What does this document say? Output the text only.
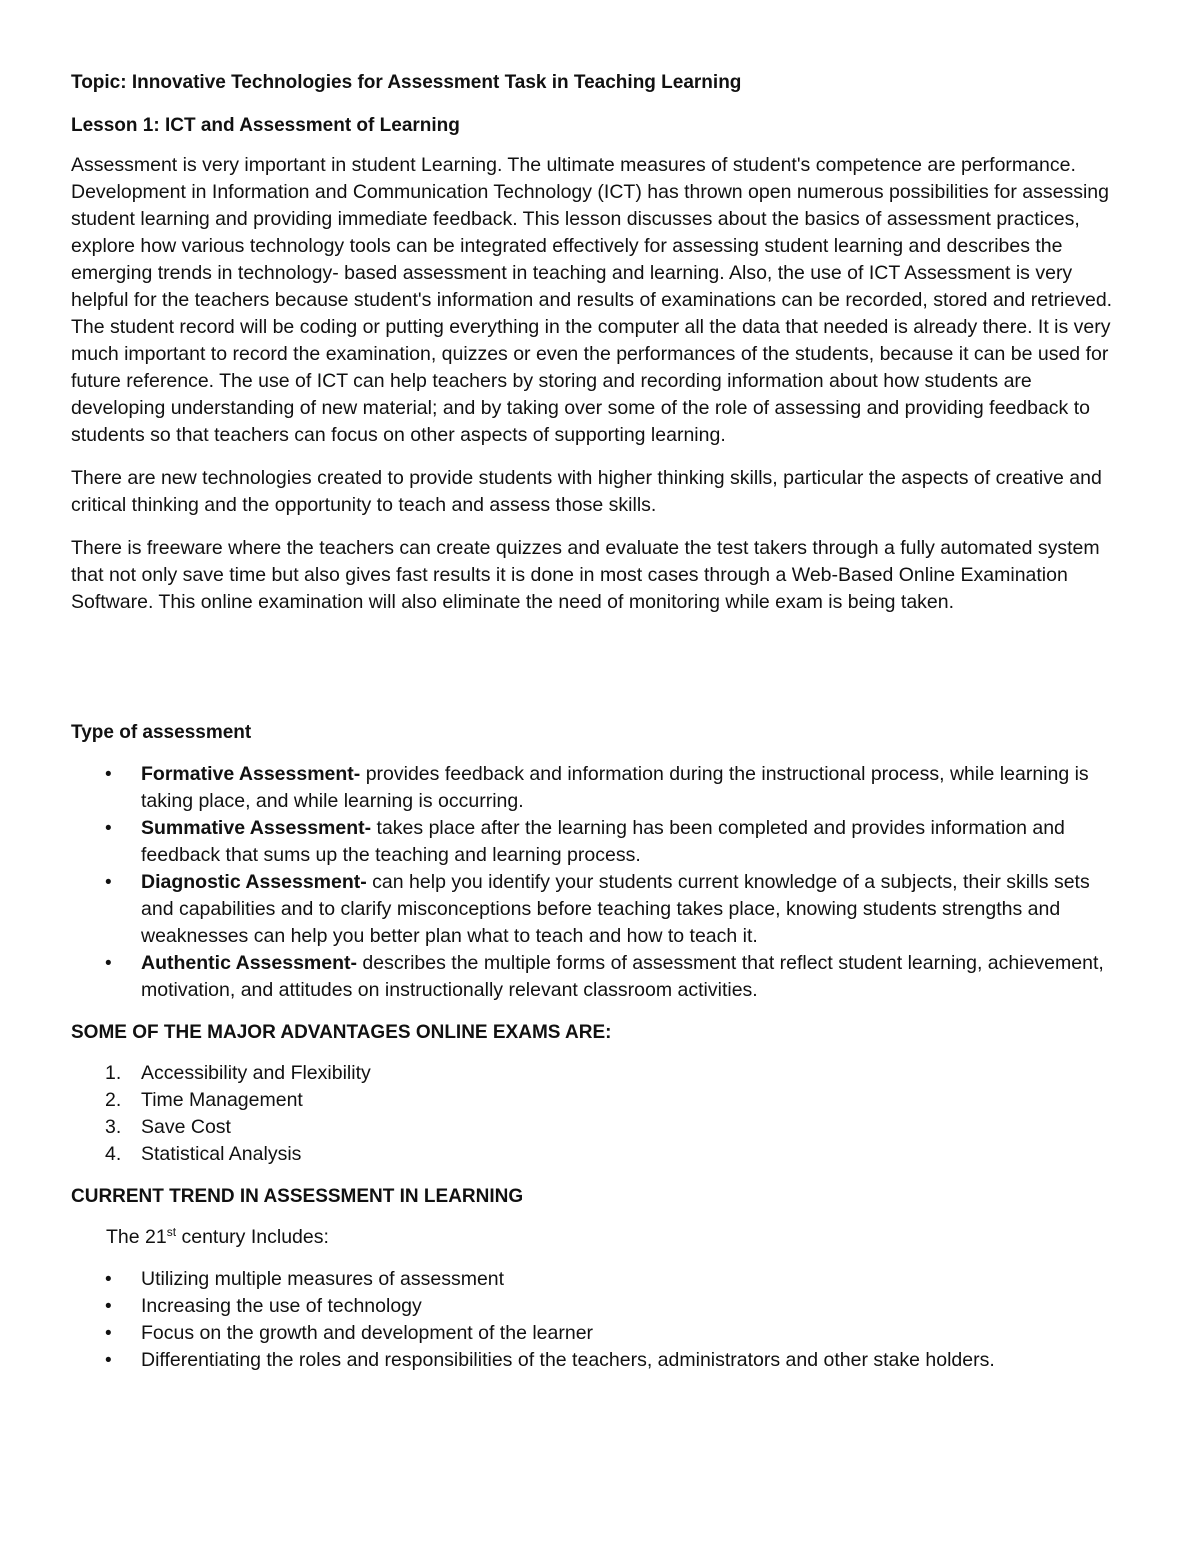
Topic: Innovative Technologies for Assessment Task in Teaching Learning

Lesson 1: ICT and Assessment of Learning

Assessment is very important in student Learning. The ultimate measures of student's competence are performance. Development in Information and Communication Technology (ICT) has thrown open numerous possibilities for assessing student learning and providing immediate feedback. This lesson discusses about the basics of assessment practices, explore how various technology tools can be integrated effectively for assessing student learning and describes the emerging trends in technology- based assessment in teaching and learning. Also, the use of ICT Assessment is very helpful for the teachers because student's information and results of examinations can be recorded, stored and retrieved. The student record will be coding or putting everything in the computer all the data that needed is already there. It is very much important to record the examination, quizzes or even the performances of the students, because it can be used for future reference. The use of ICT can help teachers by storing and recording information about how students are developing understanding of new material; and by taking over some of the role of assessing and providing feedback to students so that teachers can focus on other aspects of supporting learning.

There are new technologies created to provide students with higher thinking skills, particular the aspects of creative and critical thinking and the opportunity to teach and assess those skills.

There is freeware where the teachers can create quizzes and evaluate the test takers through a fully automated system that not only save time but also gives fast results it is done in most cases through a Web-Based Online Examination Software. This online examination will also eliminate the need of monitoring while exam is being taken.

Type of assessment

• Formative Assessment- provides feedback and information during the instructional process, while learning is taking place, and while learning is occurring.
• Summative Assessment- takes place after the learning has been completed and provides information and feedback that sums up the teaching and learning process.
• Diagnostic Assessment- can help you identify your students current knowledge of a subjects, their skills sets and capabilities and to clarify misconceptions before teaching takes place, knowing students strengths and weaknesses can help you better plan what to teach and how to teach it.
• Authentic Assessment- describes the multiple forms of assessment that reflect student learning, achievement, motivation, and attitudes on instructionally relevant classroom activities.

SOME OF THE MAJOR ADVANTAGES ONLINE EXAMS ARE:

1. Accessibility and Flexibility
2. Time Management
3. Save Cost
4. Statistical Analysis

CURRENT TREND IN ASSESSMENT IN LEARNING

The 21st century Includes:
• Utilizing multiple measures of assessment
• Increasing the use of technology
• Focus on the growth and development of the learner
• Differentiating the roles and responsibilities of the teachers, administrators and other stake holders.
